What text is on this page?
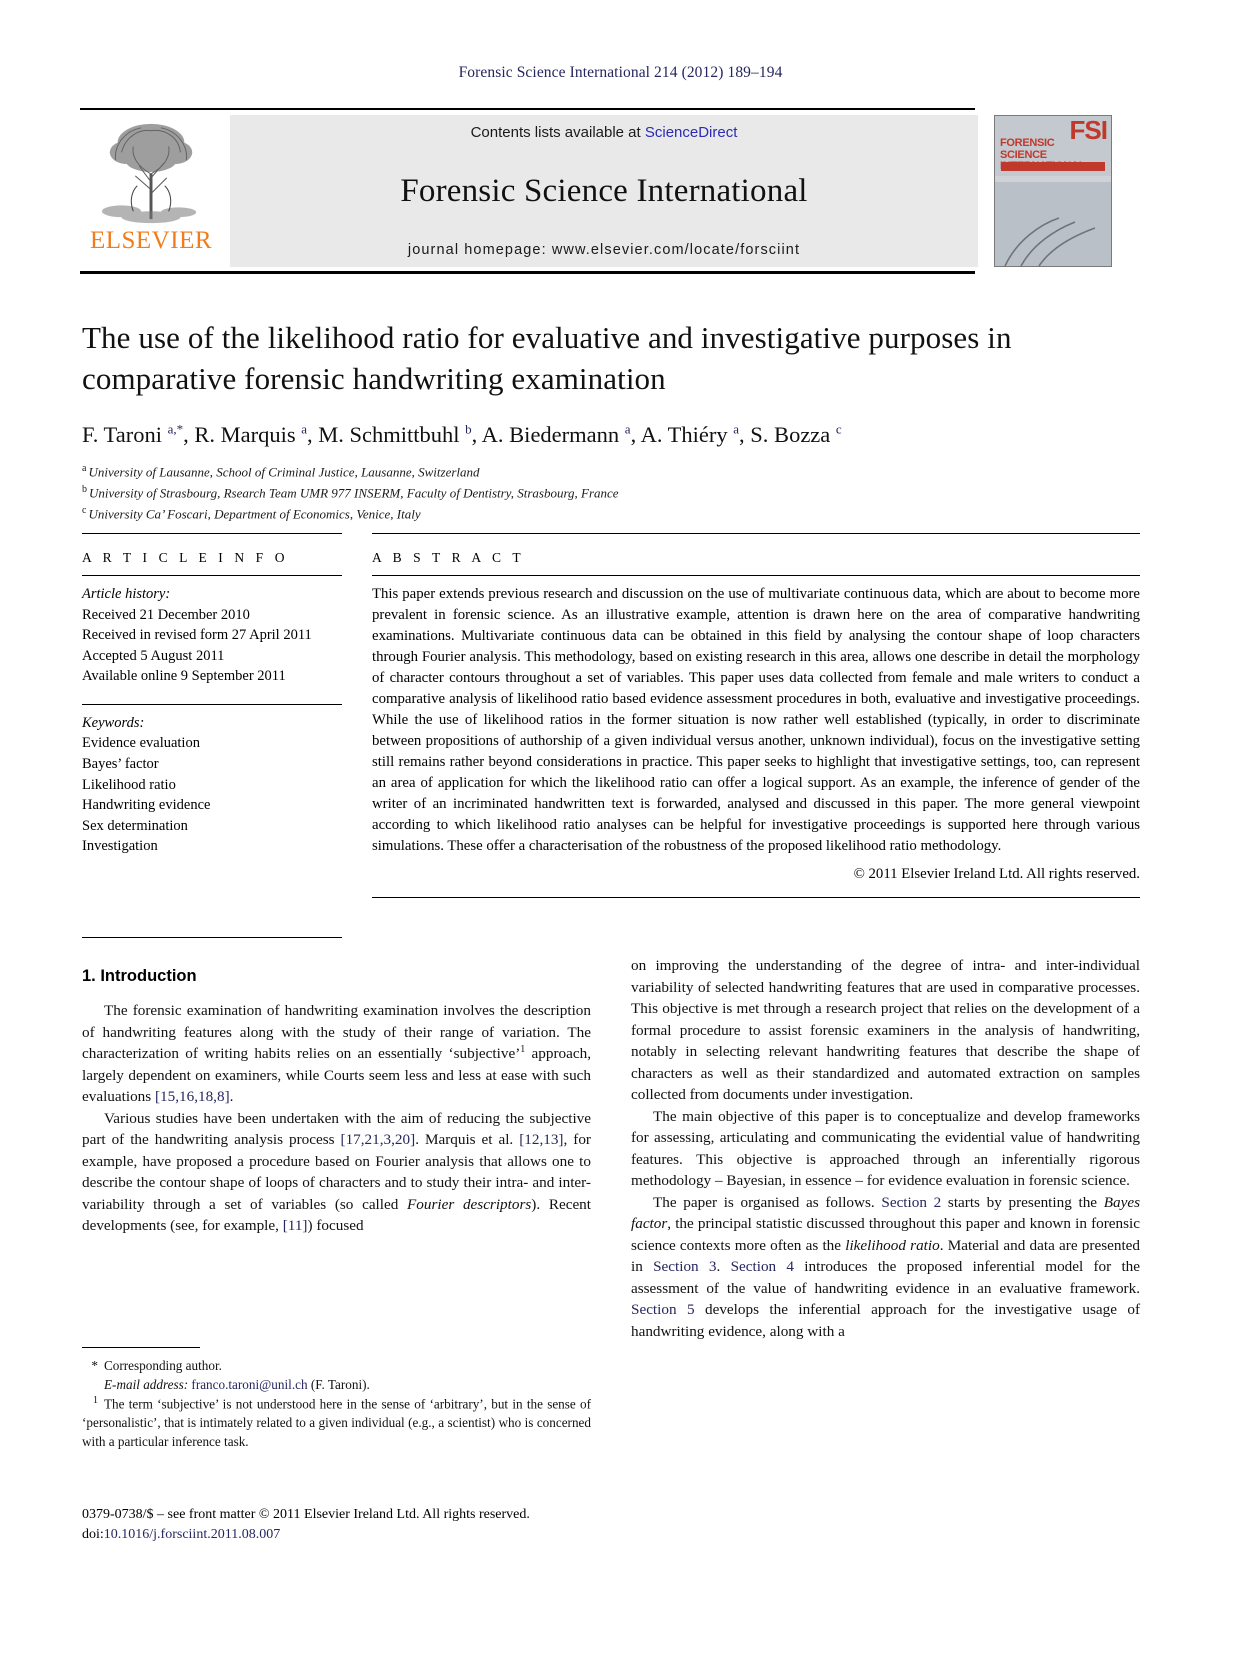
Forensic Science International 214 (2012) 189–194
ELSEVIER
Contents lists available at ScienceDirect
Forensic Science International
journal homepage: www.elsevier.com/locate/forsciint
FSI
FORENSIC
SCIENCE
INTERNATIONAL
The use of the likelihood ratio for evaluative and investigative purposes in comparative forensic handwriting examination
F. Taroni $^{a,*}$, R. Marquis $^a$, M. Schmittbuhl $^b$, A. Biedermann $^a$, A. Thiéry $^a$, S. Bozza $^c$
$^a$ University of Lausanne, School of Criminal Justice, Lausanne, Switzerland
$^b$ University of Strasbourg, Rsearch Team UMR 977 INSERM, Faculty of Dentistry, Strasbourg, France
$^c$ University Ca’ Foscari, Department of Economics, Venice, Italy
A R T I C L E I N F O
Article history:
Received 21 December 2010
Received in revised form 27 April 2011
Accepted 5 August 2011
Available online 9 September 2011
Keywords:
Evidence evaluation
Bayes’ factor
Likelihood ratio
Handwriting evidence
Sex determination
Investigation
A B S T R A C T

This paper extends previous research and discussion on the use of multivariate continuous data, which are about to become more prevalent in forensic science. As an illustrative example, attention is drawn here on the area of comparative handwriting examinations. Multivariate continuous data can be obtained in this field by analysing the contour shape of loop characters through Fourier analysis. This methodology, based on existing research in this area, allows one describe in detail the morphology of character contours throughout a set of variables. This paper uses data collected from female and male writers to conduct a comparative analysis of likelihood ratio based evidence assessment procedures in both, evaluative and investigative proceedings. While the use of likelihood ratios in the former situation is now rather well established (typically, in order to discriminate between propositions of authorship of a given individual versus another, unknown individual), focus on the investigative setting still remains rather beyond considerations in practice. This paper seeks to highlight that investigative settings, too, can represent an area of application for which the likelihood ratio can offer a logical support. As an example, the inference of gender of the writer of an incriminated handwritten text is forwarded, analysed and discussed in this paper. The more general viewpoint according to which likelihood ratio analyses can be helpful for investigative proceedings is supported here through various simulations. These offer a characterisation of the robustness of the proposed likelihood ratio methodology.

© 2011 Elsevier Ireland Ltd. All rights reserved.
1. Introduction

The forensic examination of handwriting examination involves the description of handwriting features along with the study of their range of variation. The characterization of writing habits relies on an essentially ‘subjective’$^1$ approach, largely dependent on examiners, while Courts seem less and less at ease with such evaluations [15,16,18,8].

Various studies have been undertaken with the aim of reducing the subjective part of the handwriting analysis process [17,21,3,20]. Marquis et al. [12,13], for example, have proposed a procedure based on Fourier analysis that allows one to describe the contour shape of loops of characters and to study their intra- and inter-variability through a set of variables (so called Fourier descriptors). Recent developments (see, for example, [11]) focused

* Corresponding author.

E-mail address: franco.taroni@unil.ch (F. Taroni).

1 The term ‘subjective’ is not understood here in the sense of ‘arbitrary’, but in the sense of ‘personalistic’, that is intimately related to a given individual (e.g., a scientist) who is concerned with a particular inference task.

on improving the understanding of the degree of intra- and inter-individual variability of selected handwriting features that are used in comparative processes. This objective is met through a research project that relies on the development of a formal procedure to assist forensic examiners in the analysis of handwriting, notably in selecting relevant handwriting features that describe the shape of characters as well as their standardized and automated extraction on samples collected from documents under investigation.

The main objective of this paper is to conceptualize and develop frameworks for assessing, articulating and communicating the evidential value of handwriting features. This objective is approached through an inferentially rigorous methodology – Bayesian, in essence – for evidence evaluation in forensic science.

The paper is organised as follows. Section 2 starts by presenting the Bayes factor, the principal statistic discussed throughout this paper and known in forensic science contexts more often as the likelihood ratio. Material and data are presented in Section 3. Section 4 introduces the proposed inferential model for the assessment of the value of handwriting evidence in an evaluative framework. Section 5 develops the inferential approach for the investigative usage of handwriting evidence, along with a

0379-0738/$ – see front matter © 2011 Elsevier Ireland Ltd. All rights reserved.
doi:10.1016/j.forsciint.2011.08.007
